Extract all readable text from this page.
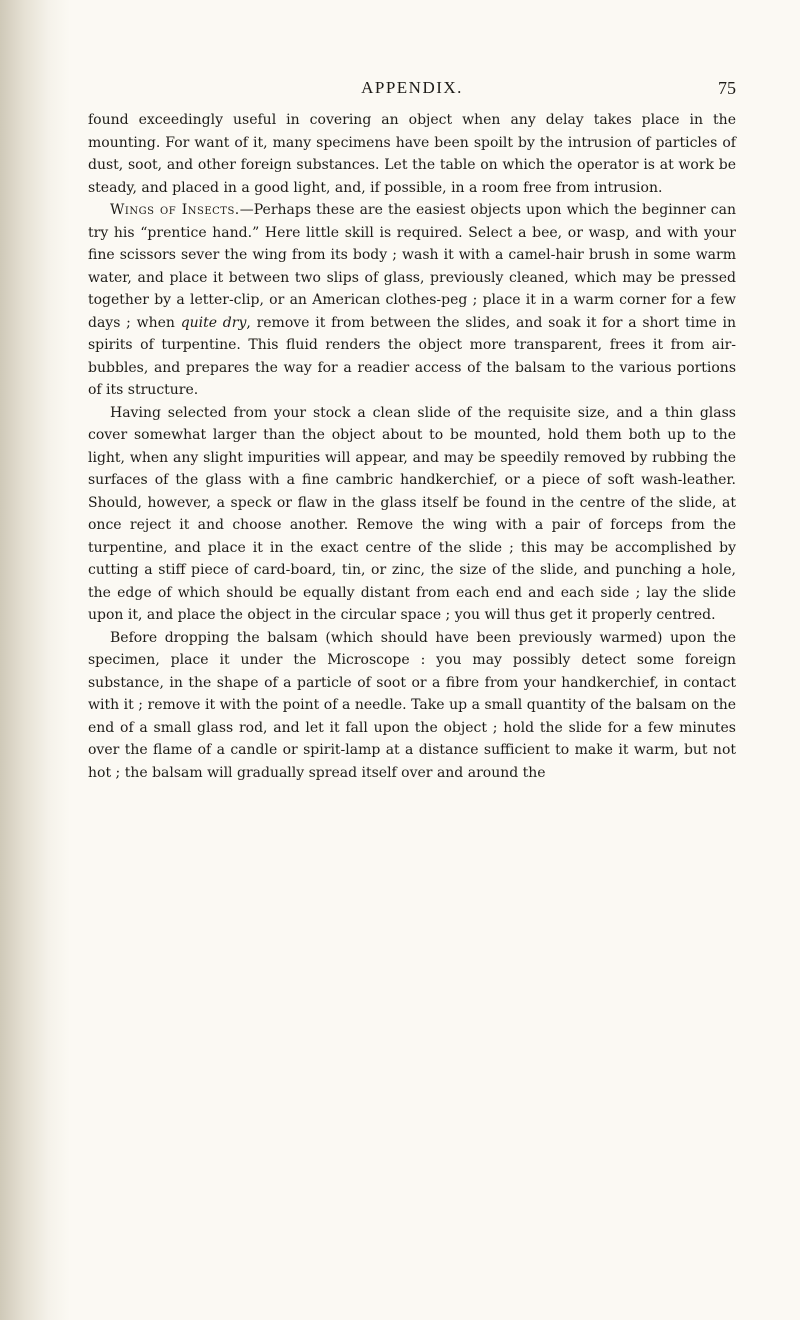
APPENDIX.	75

found exceedingly useful in covering an object when any delay takes place in the mounting. For want of it, many specimens have been spoilt by the intrusion of particles of dust, soot, and other foreign substances. Let the table on which the operator is at work be steady, and placed in a good light, and, if possible, in a room free from intrusion.

Wings of Insects.—Perhaps these are the easiest objects upon which the beginner can try his “prentice hand.” Here little skill is required. Select a bee, or wasp, and with your fine scissors sever the wing from its body ; wash it with a camel-hair brush in some warm water, and place it between two slips of glass, previously cleaned, which may be pressed together by a letter-clip, or an American clothes-peg ; place it in a warm corner for a few days ; when quite dry, remove it from between the slides, and soak it for a short time in spirits of turpentine. This fluid renders the object more transparent, frees it from air-bubbles, and prepares the way for a readier access of the balsam to the various portions of its structure.

Having selected from your stock a clean slide of the requisite size, and a thin glass cover somewhat larger than the object about to be mounted, hold them both up to the light, when any slight impurities will appear, and may be speedily removed by rubbing the surfaces of the glass with a fine cambric handkerchief, or a piece of soft wash-leather. Should, however, a speck or flaw in the glass itself be found in the centre of the slide, at once reject it and choose another. Remove the wing with a pair of forceps from the turpentine, and place it in the exact centre of the slide ; this may be accomplished by cutting a stiff piece of card-board, tin, or zinc, the size of the slide, and punching a hole, the edge of which should be equally distant from each end and each side ; lay the slide upon it, and place the object in the circular space ; you will thus get it properly centred.

Before dropping the balsam (which should have been previously warmed) upon the specimen, place it under the Microscope : you may possibly detect some foreign substance, in the shape of a particle of soot or a fibre from your handkerchief, in contact with it ; remove it with the point of a needle. Take up a small quantity of the balsam on the end of a small glass rod, and let it fall upon the object ; hold the slide for a few minutes over the flame of a candle or spirit-lamp at a distance sufficient to make it warm, but not hot ; the balsam will gradually spread itself over and around the
